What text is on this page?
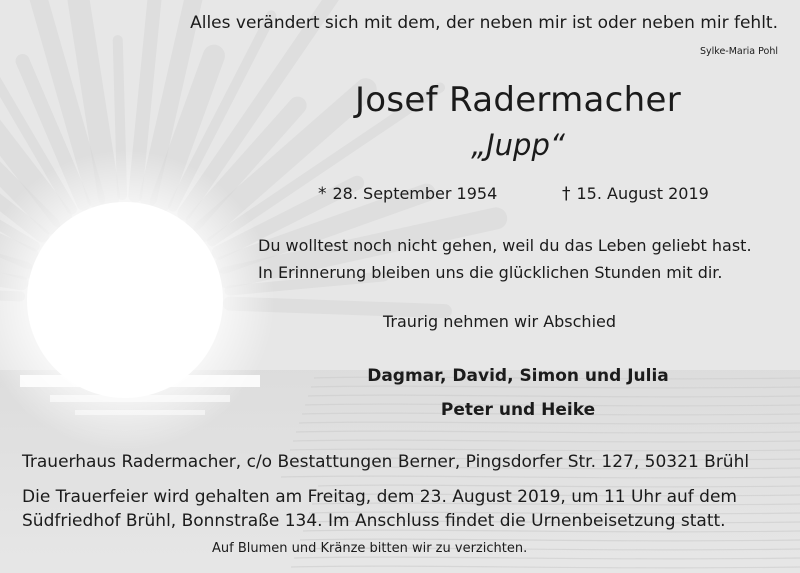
Alles verändert sich mit dem, der neben mir ist oder neben mir fehlt.

Sylke-Maria Pohl

Josef Radermacher

„Jupp“

* 28. September 1954	† 15. August 2019

Du wolltest noch nicht gehen, weil du das Leben geliebt hast.
In Erinnerung bleiben uns die glücklichen Stunden mit dir.

Traurig nehmen wir Abschied

Dagmar, David, Simon und Julia

Peter und Heike

Trauerhaus Radermacher, c/o Bestattungen Berner, Pingsdorfer Str. 127, 50321 Brühl

Die Trauerfeier wird gehalten am Freitag, dem 23. August 2019, um 11 Uhr auf dem
Südfriedhof Brühl, Bonnstraße 134. Im Anschluss findet die Urnenbeisetzung statt.

Auf Blumen und Kränze bitten wir zu verzichten.
